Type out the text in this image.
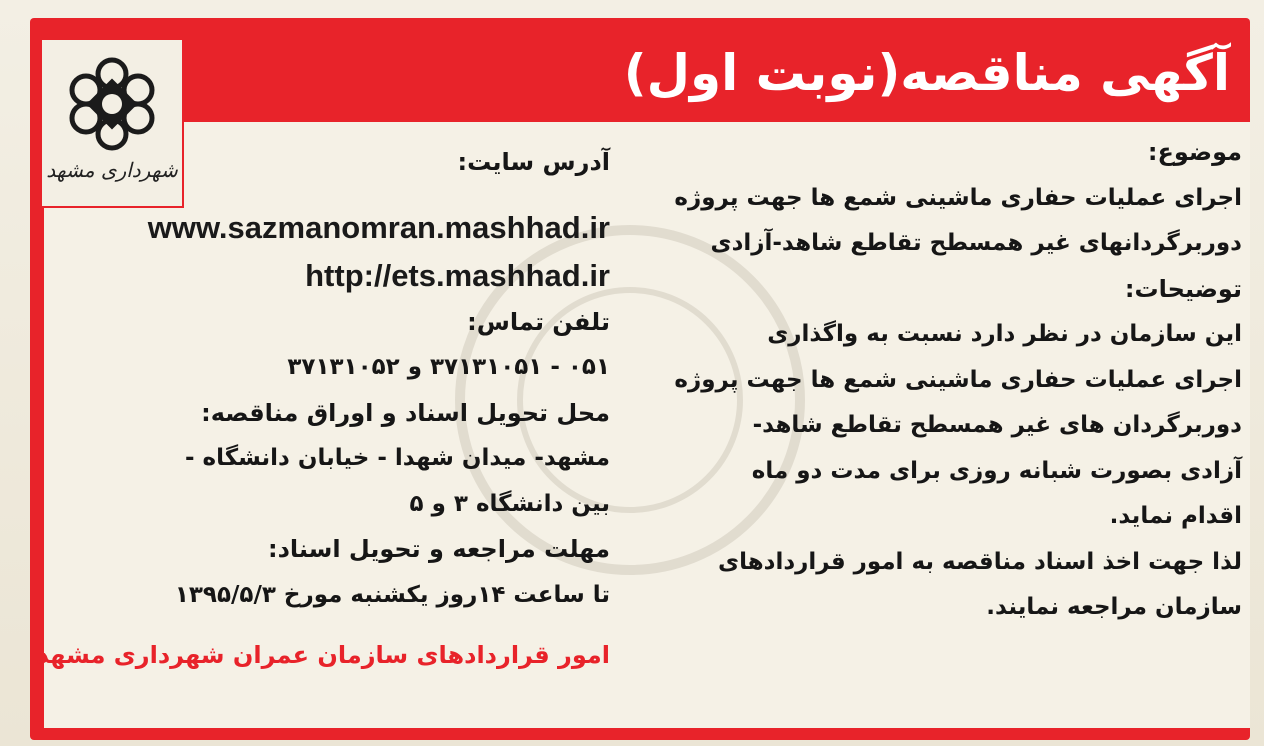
آگهی مناقصه(نوبت اول)
شهرداری مشهد
موضوع:
اجرای عملیات حفاری ماشینی شمع ها جهت پروژه
دوربرگردانهای غیر همسطح تقاطع شاهد-آزادی
توضیحات:
این سازمان در نظر دارد نسبت به واگذاری
اجرای عملیات حفاری ماشینی شمع ها جهت پروژه
دوربرگردان های غیر همسطح تقاطع شاهد-
آزادی بصورت شبانه روزی برای مدت دو ماه
اقدام نماید.
لذا جهت اخذ اسناد مناقصه به امور قراردادهای
سازمان مراجعه نمایند.
آدرس سایت:
www.sazmanomran.mashhad.ir
http://ets.mashhad.ir
تلفن تماس:
۰۵۱ - ۳۷۱۳۱۰۵۱ و ۳۷۱۳۱۰۵۲
محل تحویل اسناد و اوراق مناقصه:
مشهد- میدان شهدا - خیابان دانشگاه -
بین دانشگاه ۳ و ۵
مهلت مراجعه و تحویل اسناد:
تا ساعت ۱۴روز یکشنبه مورخ ۱۳۹۵/۵/۳
امور قراردادهای سازمان عمران شهرداری مشهد
